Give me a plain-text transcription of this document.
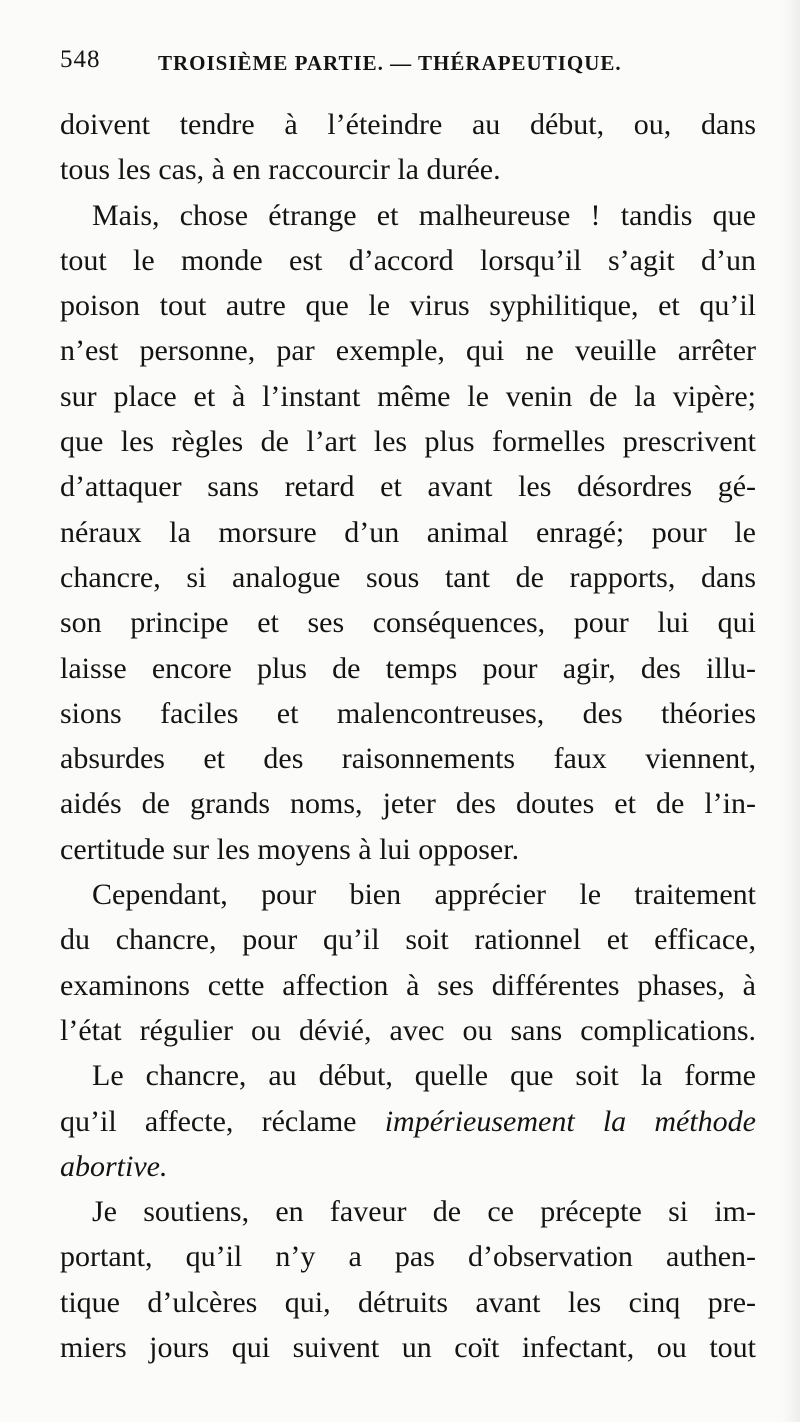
548	TROISIÈME PARTIE. — THÉRAPEUTIQUE.
doivent tendre à l’éteindre au début, ou, dans
tous les cas, à en raccourcir la durée.
Mais, chose étrange et malheureuse ! tandis que
tout le monde est d’accord lorsqu’il s’agit d’un
poison tout autre que le virus syphilitique, et qu’il
n’est personne, par exemple, qui ne veuille arrêter
sur place et à l’instant même le venin de la vipère;
que les règles de l’art les plus formelles prescrivent
d’attaquer sans retard et avant les désordres gé-
néraux la morsure d’un animal enragé; pour le
chancre, si analogue sous tant de rapports, dans
son principe et ses conséquences, pour lui qui
laisse encore plus de temps pour agir, des illu-
sions faciles et malencontreuses, des théories
absurdes et des raisonnements faux viennent,
aidés de grands noms, jeter des doutes et de l’in-
certitude sur les moyens à lui opposer.
Cependant, pour bien apprécier le traitement
du chancre, pour qu’il soit rationnel et efficace,
examinons cette affection à ses différentes phases, à
l’état régulier ou dévié, avec ou sans complications.
Le chancre, au début, quelle que soit la forme
qu’il affecte, réclame impérieusement la méthode
abortive.
Je soutiens, en faveur de ce précepte si im-
portant, qu’il n’y a pas d’observation authen-
tique d’ulcères qui, détruits avant les cinq pre-
miers jours qui suivent un coït infectant, ou tout
